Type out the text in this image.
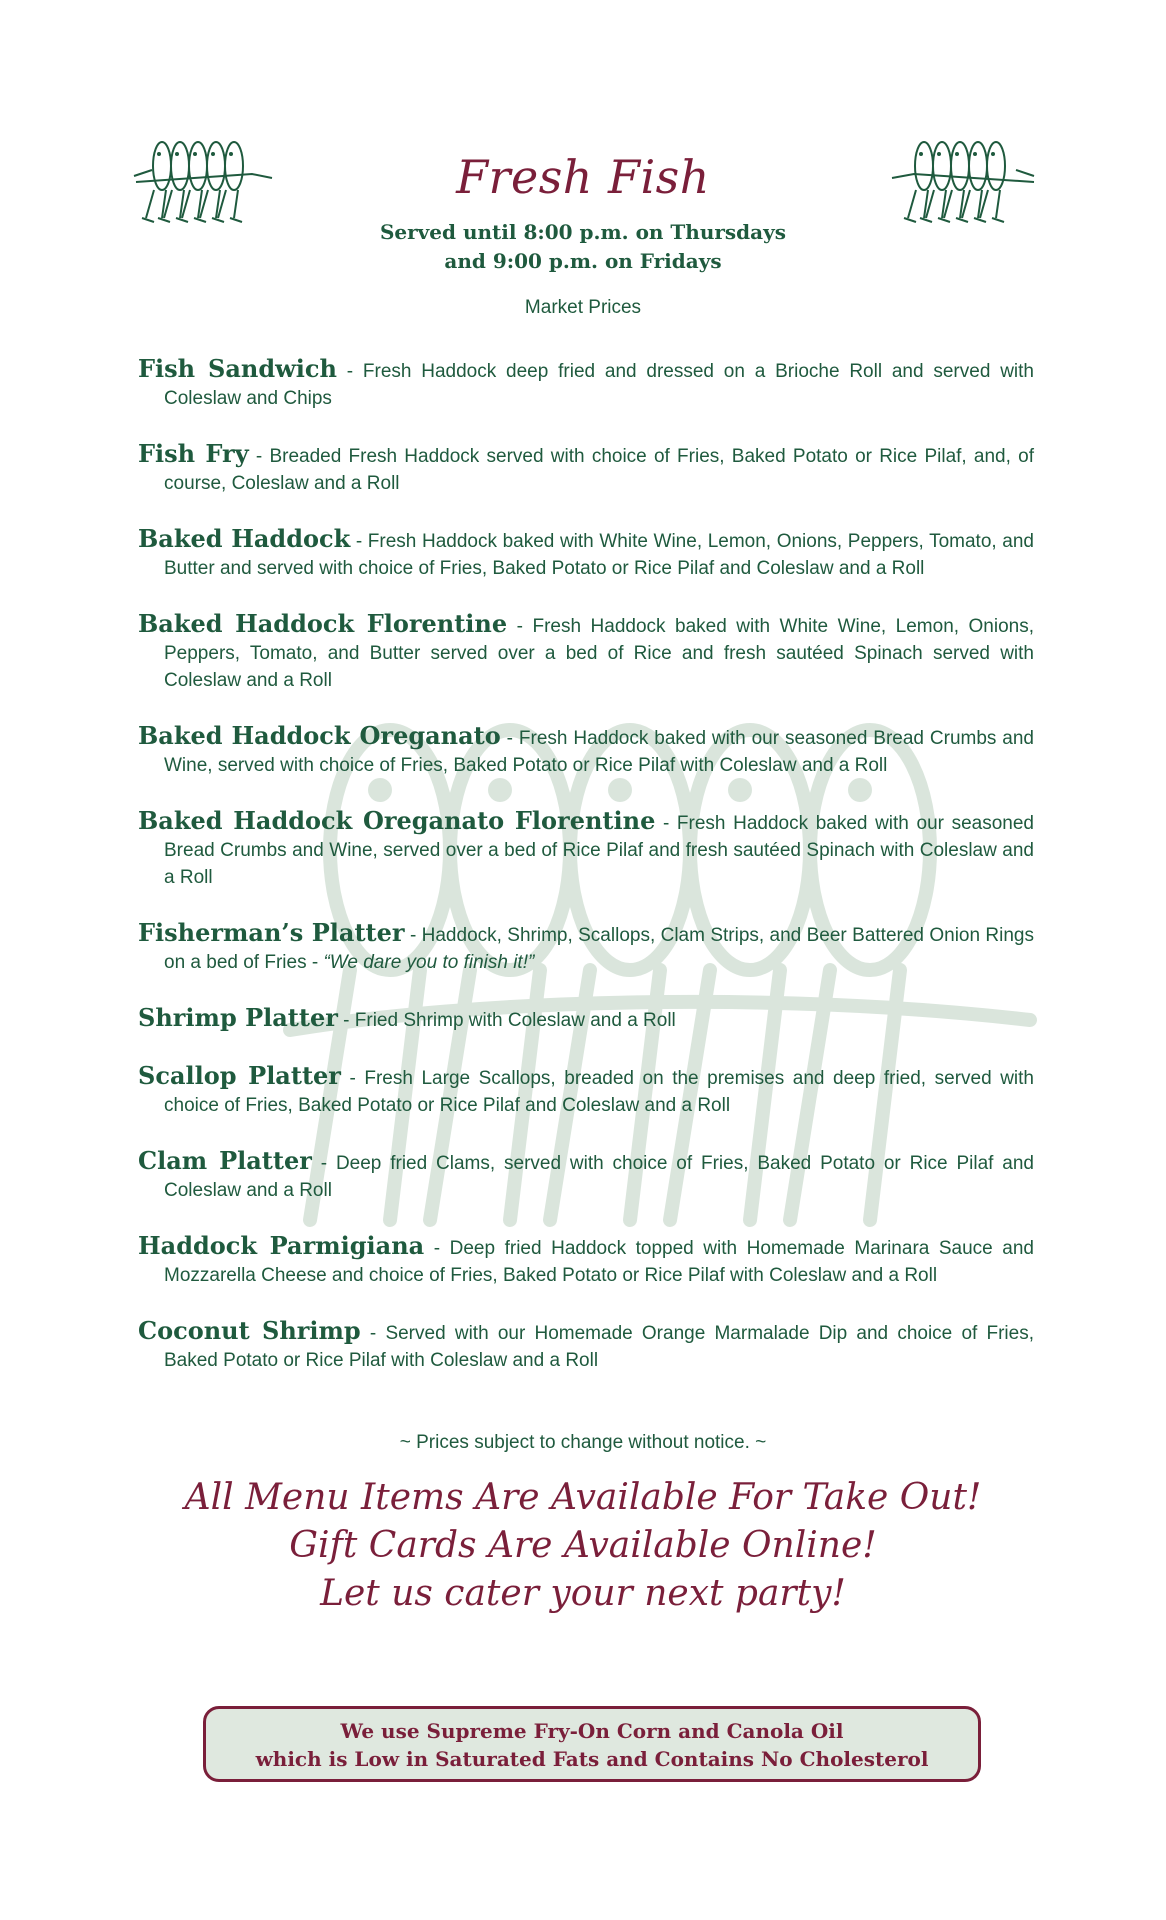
Fresh Fish
Served until 8:00 p.m. on Thursdays
and 9:00 p.m. on Fridays
Market Prices
Fish Sandwich - Fresh Haddock deep fried and dressed on a Brioche Roll and served with Coleslaw and Chips
Fish Fry - Breaded Fresh Haddock served with choice of Fries, Baked Potato or Rice Pilaf, and, of course, Coleslaw and a Roll
Baked Haddock - Fresh Haddock baked with White Wine, Lemon, Onions, Peppers, Tomato, and Butter and served with choice of Fries, Baked Potato or Rice Pilaf and Coleslaw and a Roll
Baked Haddock Florentine - Fresh Haddock baked with White Wine, Lemon, Onions, Peppers, Tomato, and Butter served over a bed of Rice and fresh sautéed Spinach served with Coleslaw and a Roll
Baked Haddock Oreganato - Fresh Haddock baked with our seasoned Bread Crumbs and Wine, served with choice of Fries, Baked Potato or Rice Pilaf with Coleslaw and a Roll
Baked Haddock Oreganato Florentine - Fresh Haddock baked with our seasoned Bread Crumbs and Wine, served over a bed of Rice Pilaf and fresh sautéed Spinach with Coleslaw and a Roll
Fisherman’s Platter - Haddock, Shrimp, Scallops, Clam Strips, and Beer Battered Onion Rings on a bed of Fries - “We dare you to finish it!”
Shrimp Platter - Fried Shrimp with Coleslaw and a Roll
Scallop Platter - Fresh Large Scallops, breaded on the premises and deep fried, served with choice of Fries, Baked Potato or Rice Pilaf and Coleslaw and a Roll
Clam Platter - Deep fried Clams, served with choice of Fries, Baked Potato or Rice Pilaf and Coleslaw and a Roll
Haddock Parmigiana - Deep fried Haddock topped with Homemade Marinara Sauce and Mozzarella Cheese and choice of Fries, Baked Potato or Rice Pilaf with Coleslaw and a Roll
Coconut Shrimp - Served with our Homemade Orange Marmalade Dip and choice of Fries, Baked Potato or Rice Pilaf with Coleslaw and a Roll
~ Prices subject to change without notice. ~
All Menu Items Are Available For Take Out!
Gift Cards Are Available Online!
Let us cater your next party!
We use Supreme Fry-On Corn and Canola Oil
which is Low in Saturated Fats and Contains No Cholesterol
